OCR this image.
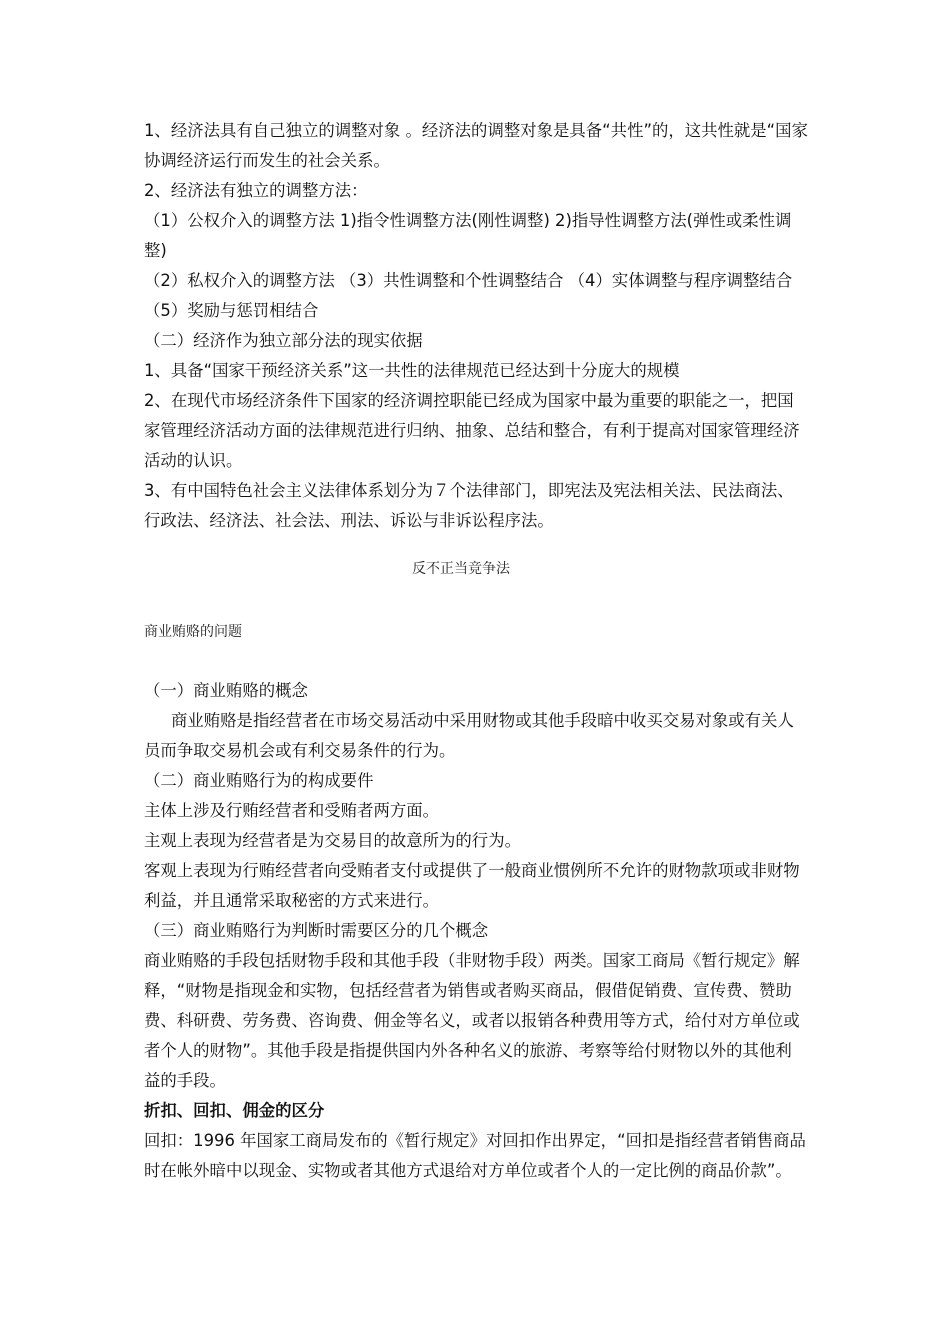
1、经济法具有自己独立的调整对象 。经济法的调整对象是具备“共性”的，这共性就是“国家协调经济运行而发生的社会关系。

2、经济法有独立的调整方法：

（1）公权介入的调整方法 1)指令性调整方法(刚性调整) 2)指导性调整方法(弹性或柔性调整)

（2）私权介入的调整方法 （3）共性调整和个性调整结合 （4）实体调整与程序调整结合 （5）奖励与惩罚相结合

（二）经济作为独立部分法的现实依据

1、具备“国家干预经济关系”这一共性的法律规范已经达到十分庞大的规模

2、在现代市场经济条件下国家的经济调控职能已经成为国家中最为重要的职能之一，把国家管理经济活动方面的法律规范进行归纳、抽象、总结和整合，有利于提高对国家管理经济活动的认识。

3、有中国特色社会主义法律体系划分为７个法律部门，即宪法及宪法相关法、民法商法、行政法、经济法、社会法、刑法、诉讼与非诉讼程序法。

反不正当竞争法

商业贿赂的问题

（一）商业贿赂的概念

商业贿赂是指经营者在市场交易活动中采用财物或其他手段暗中收买交易对象或有关人员而争取交易机会或有利交易条件的行为。

（二）商业贿赂行为的构成要件

主体上涉及行贿经营者和受贿者两方面。

主观上表现为经营者是为交易目的故意所为的行为。

客观上表现为行贿经营者向受贿者支付或提供了一般商业惯例所不允许的财物款项或非财物利益，并且通常采取秘密的方式来进行。

（三）商业贿赂行为判断时需要区分的几个概念

商业贿赂的手段包括财物手段和其他手段（非财物手段）两类。国家工商局《暂行规定》解释，“财物是指现金和实物，包括经营者为销售或者购买商品，假借促销费、宣传费、赞助费、科研费、劳务费、咨询费、佣金等名义，或者以报销各种费用等方式，给付对方单位或者个人的财物”。其他手段是指提供国内外各种名义的旅游、考察等给付财物以外的其他利益的手段。

折扣、回扣、佣金的区分

回扣：1996 年国家工商局发布的《暂行规定》对回扣作出界定，“回扣是指经营者销售商品时在帐外暗中以现金、实物或者其他方式退给对方单位或者个人的一定比例的商品价款”。
